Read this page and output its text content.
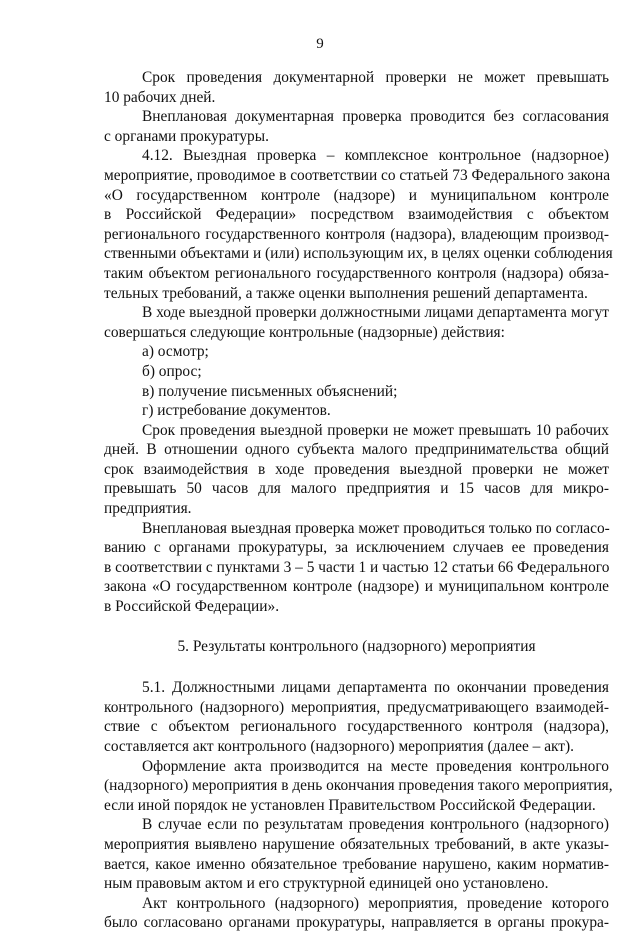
9
Срок проведения документарной проверки не может превышать
10 рабочих дней.
Внеплановая документарная проверка проводится без согласования
с органами прокуратуры.
4.12. Выездная проверка – комплексное контрольное (надзорное)
мероприятие, проводимое в соответствии со статьей 73 Федерального закона
«О государственном контроле (надзоре) и муниципальном контроле
в Российской Федерации» посредством взаимодействия с объектом
регионального государственного контроля (надзора), владеющим производ-
ственными объектами и (или) использующим их, в целях оценки соблюдения
таким объектом регионального государственного контроля (надзора) обяза-
тельных требований, а также оценки выполнения решений департамента.
В ходе выездной проверки должностными лицами департамента могут
совершаться следующие контрольные (надзорные) действия:
а) осмотр;
б) опрос;
в) получение письменных объяснений;
г) истребование документов.
Срок проведения выездной проверки не может превышать 10 рабочих
дней. В отношении одного субъекта малого предпринимательства общий
срок взаимодействия в ходе проведения выездной проверки не может
превышать 50 часов для малого предприятия и 15 часов для микро-
предприятия.
Внеплановая выездная проверка может проводиться только по согласо-
ванию с органами прокуратуры, за исключением случаев ее проведения
в соответствии с пунктами 3 – 5 части 1 и частью 12 статьи 66 Федерального
закона «О государственном контроле (надзоре) и муниципальном контроле
в Российской Федерации».
5. Результаты контрольного (надзорного) мероприятия
5.1. Должностными лицами департамента по окончании проведения
контрольного (надзорного) мероприятия, предусматривающего взаимодей-
ствие с объектом регионального государственного контроля (надзора),
составляется акт контрольного (надзорного) мероприятия (далее – акт).
Оформление акта производится на месте проведения контрольного
(надзорного) мероприятия в день окончания проведения такого мероприятия,
если иной порядок не установлен Правительством Российской Федерации.
В случае если по результатам проведения контрольного (надзорного)
мероприятия выявлено нарушение обязательных требований, в акте указы-
вается, какое именно обязательное требование нарушено, каким норматив-
ным правовым актом и его структурной единицей оно установлено.
Акт контрольного (надзорного) мероприятия, проведение которого
было согласовано органами прокуратуры, направляется в органы прокура-
